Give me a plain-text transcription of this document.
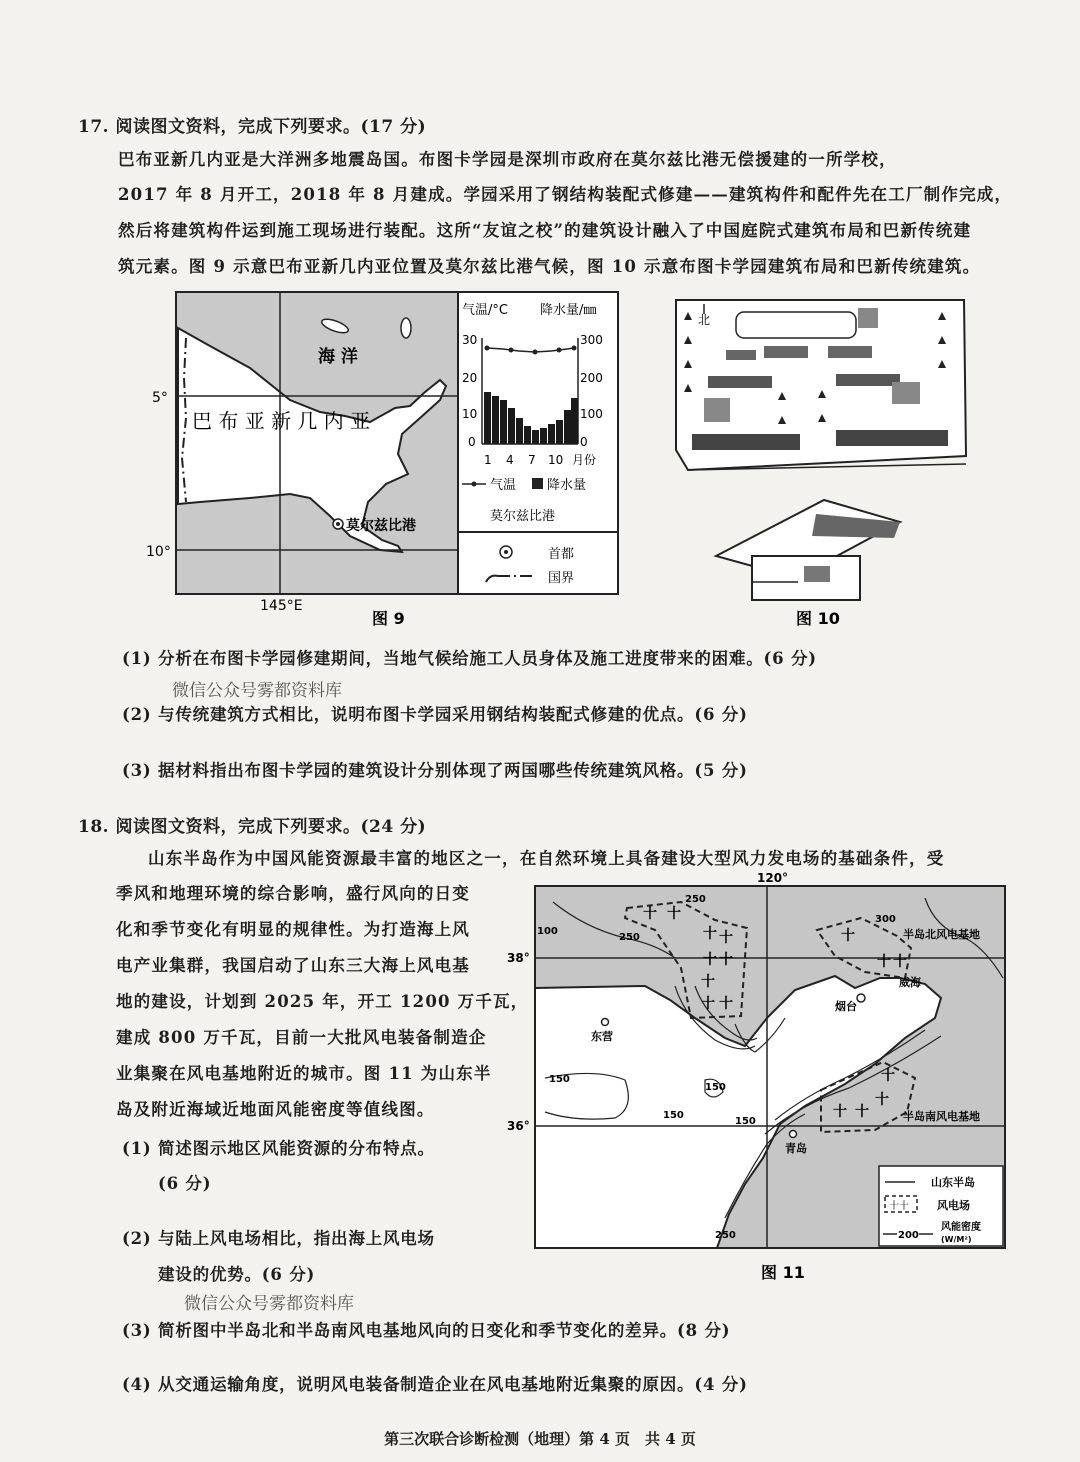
17. 阅读图文资料，完成下列要求。(17 分)
巴布亚新几内亚是大洋洲多地震岛国。布图卡学园是深圳市政府在莫尔兹比港无偿援建的一所学校，
2017 年 8 月开工，2018 年 8 月建成。学园采用了钢结构装配式修建——建筑构件和配件先在工厂制作完成，
然后将建筑构件运到施工现场进行装配。这所“友谊之校”的建筑设计融入了中国庭院式建筑布局和巴新传统建
筑元素。图 9 示意巴布亚新几内亚位置及莫尔兹比港气候，图 10 示意布图卡学园建筑布局和巴新传统建筑。
海 洋
巴 布 亚 新 几 内 亚
莫尔兹比港
5°
10°
145°E
气温/°C 降水量/㎜
30
20
10
0
300
200
100
0
1 4 7 10 月份
气温 降水量
莫尔兹比港
首都
国界
图 9
北
图 10
(1) 分析在布图卡学园修建期间，当地气候给施工人员身体及施工进度带来的困难。(6 分)
微信公众号雾都资料库
(2) 与传统建筑方式相比，说明布图卡学园采用钢结构装配式修建的优点。(6 分)
(3) 据材料指出布图卡学园的建筑设计分别体现了两国哪些传统建筑风格。(5 分)
18. 阅读图文资料，完成下列要求。(24 分)
山东半岛作为中国风能资源最丰富的地区之一，在自然环境上具备建设大型风力发电场的基础条件，受
季风和地理环境的综合影响，盛行风向的日变
化和季节变化有明显的规律性。为打造海上风
电产业集群，我国启动了山东三大海上风电基
地的建设，计划到 2025 年，开工 1200 万千瓦，
建成 800 万千瓦，目前一大批风电装备制造企
业集聚在风电基地附近的城市。图 11 为山东半
岛及附近海域近地面风能密度等值线图。
(1) 简述图示地区风能资源的分布特点。
(6 分)
(2) 与陆上风电场相比，指出海上风电场
建设的优势。(6 分)
微信公众号雾都资料库
120°
38°
36°
十 十
十 十
十 十
十
十 十
十
十 十
十
十 十
十
半岛北风电基地
半岛南风电基地
烟台
威海
东营
青岛
100
150
150
150
150
250
250
250
300
山东半岛
十十	风电场
200
风能密度
(W/M²)
图 11
(3) 简析图中半岛北和半岛南风电基地风向的日变化和季节变化的差异。(8 分)
(4) 从交通运输角度，说明风电装备制造企业在风电基地附近集聚的原因。(4 分)
第三次联合诊断检测（地理）第 4 页　共 4 页
